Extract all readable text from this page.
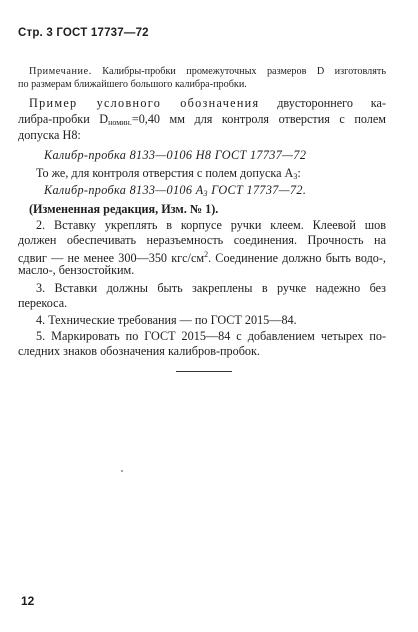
Стр. 3 ГОСТ 17737—72
Примечание. Калибры-пробки промежуточных размеров D изготовлять
по размерам ближайшего большого калибра-пробки.
Пример условного обозначения двустороннего ка-
либра-пробки $D_{номин.}=0,40$ мм для контроля отверстия с полем
допуска H8:
Калибр-пробка 8133—0106 H8 ГОСТ 17737—72
То же, для контроля отверстия с полем допуска $A_3$:
Калибр-пробка 8133—0106 $A_3$ ГОСТ 17737—72.
(Измененная редакция, Изм. № 1).
2. Вставку укреплять в корпусе ручки клеем. Клеевой шов
должен обеспечивать неразъемность соединения. Прочность на
сдвиг — не менее 300—350 кгс/$см^2$. Соединение должно быть водо-,
масло-, бензостойким.
3. Вставки должны быть закреплены в ручке надежно без
перекоса.
4. Технические требования — по ГОСТ 2015—84.
5. Маркировать по ГОСТ 2015—84 с добавлением четырех по-
следних знаков обозначения калибров-пробок.
12
